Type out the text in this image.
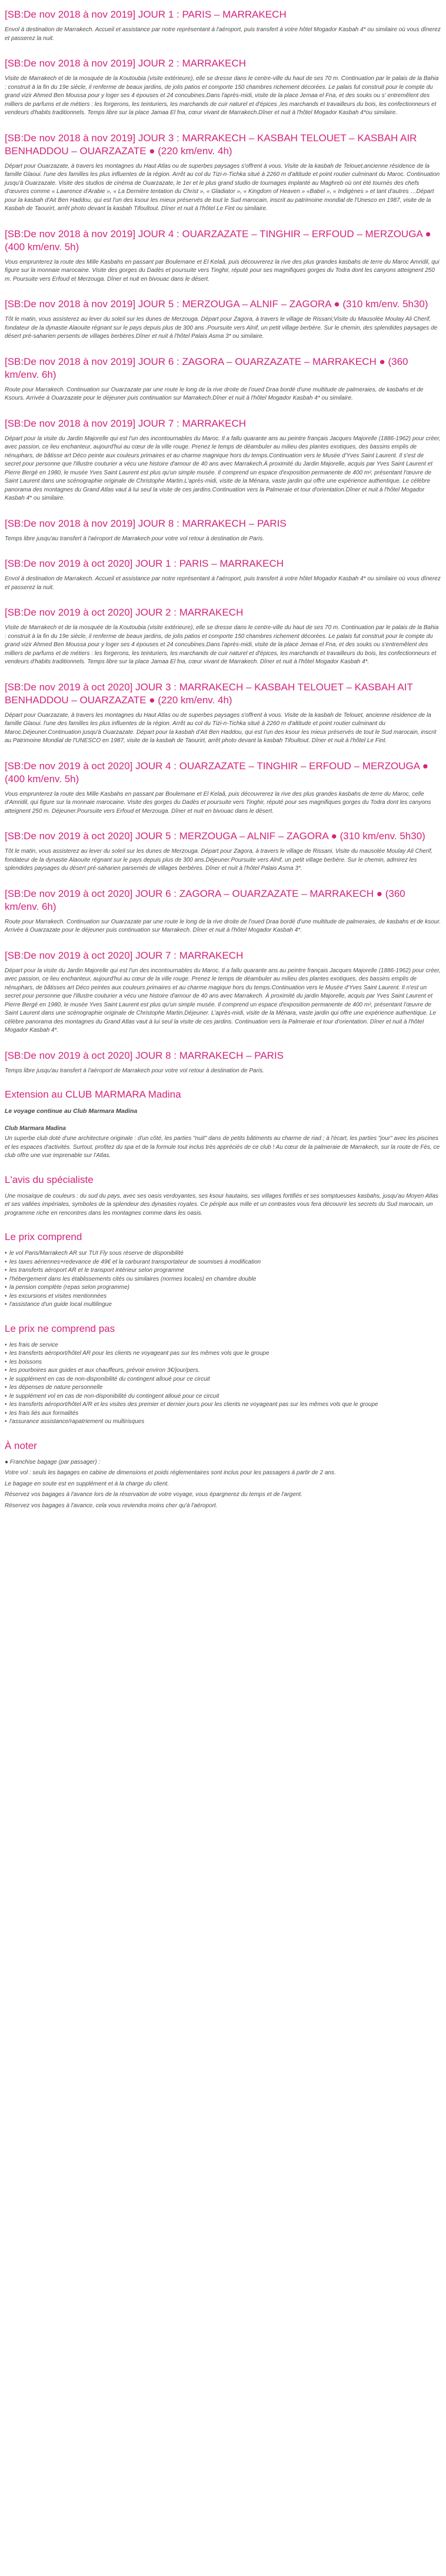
[SB:De nov 2018 à nov 2019] JOUR 1 : PARIS – MARRAKECH

Envol à destination de Marrakech. Accueil et assistance par notre représentant à l'aéroport, puis transfert à votre hôtel Mogador Kasbah 4* ou similaire où vous dînerez et passerez la nuit.

[SB:De nov 2018 à nov 2019] JOUR 2 : MARRAKECH

Visite de Marrakech et de la mosquée de la Koutoubia (visite extérieure), elle se dresse dans le centre-ville du haut de ses 70 m. Continuation par le palais de la Bahia : construit à la fin du 19e siècle, il renferme de beaux jardins, de jolis patios et comporte 150 chambres richement décorées. Le palais fut construit pour le compte du grand vizir Ahmed Ben Moussa pour y loger ses 4 épouses et 24 concubines.Dans l'après-midi, visite de la place Jemaa el Fna, et des souks ou s' entremêlent des milliers de parfums et de métiers : les forgerons, les teinturiers, les marchands de cuir naturel et d'épices ,les marchands et travailleurs du bois, les confectionneurs et vendeurs d'habits traditionnels. Temps libre sur la place Jamaa El fna, cœur vivant de Marrakech.Dîner et nuit à l'hôtel Mogador Kasbah 4*ou similaire.

[SB:De nov 2018 à nov 2019] JOUR 3 : MARRAKECH – KASBAH TELOUET – KASBAH AIR BENHADDOU – OUARZAZATE ● (220 km/env. 4h)

Départ pour Ouarzazate, à travers les montagnes du Haut Atlas ou de superbes paysages s'offrent à vous. Visite de la kasbah de Telouet,ancienne résidence de la famille Glaoui. l'une des familles les plus influentes de la région. Arrêt au col du Tizi-n-Tichka situé à 2260 m d'altitude et point routier culminant du Maroc. Continuation jusqu'à Ouarzazate. Visite des studios de cinéma de Ouarzazate, le 1er et le plus grand studio de tournages implanté au Maghreb où ont été tournés des chefs d'œuvres comme « Lawrence d'Arabie », « La Dernière tentation du Christ », « Gladiator », « Kingdom of Heaven » «Babel », « Indigènes » et tant d'autres …Départ pour la kasbah d'Ait Ben Haddou, qui est l'un des ksour les mieux préservés de tout le Sud marocain, inscrit au patrimoine mondial de l'Unesco en 1987, visite de la Kasbah de Taourirt, arrêt photo devant la kasbah Tifoultout. Dîner et nuit à l'hôtel Le Fint ou similaire.

[SB:De nov 2018 à nov 2019] JOUR 4 : OUARZAZATE – TINGHIR – ERFOUD – MERZOUGA ● (400 km/env. 5h)

Vous emprunterez la route des Mille Kasbahs en passant par Boulemane et El Kelaâ, puis découvrerez la rive des plus grandes kasbahs de terre du Maroc Amridil, qui figure sur la monnaie marocaine. Visite des gorges du Dadès et poursuite vers Tinghir, réputé pour ses magnifiques gorges du Todra dont les canyons atteignent 250 m. Poursuite vers Erfoud et Merzouga. Dîner et nuit en bivouac dans le désert.

[SB:De nov 2018 à nov 2019] JOUR 5 : MERZOUGA – ALNIF – ZAGORA ● (310 km/env. 5h30)

Tôt le matin, vous assisterez au lever du soleil sur les dunes de Merzouga. Départ pour Zagora, à travers le village de Rissani;Visite du Mausolée Moulay Ali Cherif, fondateur de la dynastie Alaouite régnant sur le pays depuis plus de 300 ans .Poursuite vers Alnif, un petit village berbère. Sur le chemin, des splendides paysages de désert pré-saharien persents de villages berbères.Dîner et nuit à l'hôtel Palais Asma 3* ou similaire.

[SB:De nov 2018 à nov 2019] JOUR 6 : ZAGORA – OUARZAZATE – MARRAKECH ● (360 km/env. 6h)

Route pour Marrakech. Continuation sur Ouarzazate par une route le long de la rive droite de l'oued Draa bordé d'une multitude de palmeraies, de kasbahs et de Ksours. Arrivée à Ouarzazate pour le déjeuner puis continuation sur Marrakech.Dîner et nuit à l'hôtel Mogador Kasbah 4* ou similaire.

[SB:De nov 2018 à nov 2019] JOUR 7 : MARRAKECH

Départ pour la visite du Jardin Majorelle qui est l'un des incontournables du Maroc. Il a fallu quarante ans au peintre français Jacques Majorelle (1886-1962) pour créer, avec passion, ce lieu enchanteur, aujourd'hui au cœur de la ville rouge. Prenez le temps de déambuler au milieu des plantes exotiques, des bassins emplis de nénuphars, de bâtisse art Déco peinte aux couleurs primaires et au charme magnique hors du temps.Continuation vers le Musée d'Yves Saint Laurent. Il s'est de secret pour personne que l'illustre couturier a vécu une histoire d'amour de 40 ans avec Marrakech.À proximité du Jardin Majorelle, acquis par Yves Saint Laurent et Pierre Bergé en 1980, le musée Yves Saint Laurent est plus qu'un simple musée. Il comprend un espace d'exposition permanente de 400 m², présentant l'œuvre de Saint Laurent dans une scénographie originale de Christophe Martin.L'après-midi, visite de la Ménara, vaste jardin qui offre une expérience authentique. Le célèbre panorama des montagnes du Grand Atlas vaut à lui seul la visite de ces jardins.Continuation vers la Palmeraie et tour d'orientation.Dîner et nuit à l'hôtel Mogador Kasbah 4* ou similaire.

[SB:De nov 2018 à nov 2019] JOUR 8 : MARRAKECH – PARIS

Temps libre jusqu'au transfert à l'aéroport de Marrakech pour votre vol retour à destination de Paris.

[SB:De nov 2019 à oct 2020] JOUR 1 : PARIS – MARRAKECH

Envol à destination de Marrakech. Accueil et assistance par notre représentant à l'aéroport, puis transfert à votre hôtel Mogador Kasbah 4* ou similaire où vous dînerez et passerez la nuit.

[SB:De nov 2019 à oct 2020] JOUR 2 : MARRAKECH

Visite de Marrakech et de la mosquée de la Koutoubia (visite extérieure), elle se dresse dans le centre-ville du haut de ses 70 m. Continuation par le palais de la Bahia : construit à la fin du 19e siècle, il renferme de beaux jardins, de jolis patios et comporte 150 chambres richement décorées. Le palais fut construit pour le compte du grand vizir Ahmed Ben Moussa pour y loger ses 4 épouses et 24 concubines.Dans l'après-midi, visite de la place Jemaa el Fna, et des souks ou s'entremêlent des milliers de parfums et de métiers : les forgerons, les teinturiers, les marchands de cuir naturel et d'épices, les marchands et travailleurs du bois, les confectionneurs et vendeurs d'habits traditionnels. Temps libre sur la place Jamaa El fna, cœur vivant de Marrakech. Dîner et nuit à l'hôtel Mogador Kasbah 4*.

[SB:De nov 2019 à oct 2020] JOUR 3 : MARRAKECH – KASBAH TELOUET – KASBAH AIT BENHADDOU – OUARZAZATE ● (220 km/env. 4h)

Départ pour Ouarzazate, à travers les montagnes du Haut Atlas ou de superbes paysages s'offrent à vous. Visite de la kasbah de Telouet, ancienne résidence de la famille Glaoui. l'une des familles les plus influentes de la région. Arrêt au col du Tizi-n-Tichka situé à 2260 m d'altitude et point routier culminant du Maroc.Déjeuner.Continuation jusqu'à Ouarzazate. Départ pour la kasbah d'Ait Ben Haddou, qui est l'un des ksour les mieux préservés de tout le Sud marocain, inscrit au Patrimoine Mondial de l'UNESCO en 1987, visite de la kasbah de Taourirt, arrêt photo devant la kasbah Tifoultout. Dîner et nuit à l'hôtel Le Fint.

[SB:De nov 2019 à oct 2020] JOUR 4 : OUARZAZATE – TINGHIR – ERFOUD – MERZOUGA ● (400 km/env. 5h)

Vous emprunterez la route des Mille Kasbahs en passant par Boulemane et El Kelaâ, puis découvrerez la rive des plus grandes kasbahs de terre du Maroc, celle d'Amridil, qui figure sur la monnaie marocaine. Visite des gorges du Dadès et poursuite vers Tinghir, réputé pour ses magnifiques gorges du Todra dont les canyons atteignent 250 m. Déjeuner.Poursuite vers Erfoud et Merzouga. Dîner et nuit en bivouac dans le désert.

[SB:De nov 2019 à oct 2020] JOUR 5 : MERZOUGA – ALNIF – ZAGORA ● (310 km/env. 5h30)

Tôt le matin, vous assisterez au lever du soleil sur les dunes de Merzouga. Départ pour Zagora, à travers le village de Rissani. Visite du mausolée Moulay Ali Cherif, fondateur de la dynastie Alaouite régnant sur le pays depuis plus de 300 ans.Déjeuner.Poursuite vers Alnif, un petit village berbère. Sur le chemin, admirez les splendides paysages du désert pré-saharien parsemés de villages berbères. Dîner et nuit à l'hôtel Palais Asma 3*.

[SB:De nov 2019 à oct 2020] JOUR 6 : ZAGORA – OUARZAZATE – MARRAKECH ● (360 km/env. 6h)

Route pour Marrakech. Continuation sur Ouarzazate par une route le long de la rive droite de l'oued Draa bordé d'une multitude de palmeraies, de kasbahs et de ksour. Arrivée à Ouarzazate pour le déjeuner puis continuation sur Marrakech. Dîner et nuit à l'hôtel Mogador Kasbah 4*.

[SB:De nov 2019 à oct 2020] JOUR 7 : MARRAKECH

Départ pour la visite du Jardin Majorelle qui est l'un des incontournables du Maroc. Il a fallu quarante ans au peintre français Jacques Majorelle (1886-1962) pour créer, avec passion, ce lieu enchanteur, aujourd'hui au cœur de la ville rouge. Prenez le temps de déambuler au milieu des plantes exotiques, des bassins emplis de nénuphars, de bâtisses art Déco peintes aux couleurs primaires et au charme magique hors du temps.Continuation vers le Musée d'Yves Saint Laurent. Il n'est un secret pour personne que l'illustre couturier a vécu une histoire d'amour de 40 ans avec Marrakech. À proximité du jardin Majorelle, acquis par Yves Saint Laurent et Pierre Bergé en 1980, le musée Yves Saint Laurent est plus qu'un simple musée. Il comprend un espace d'exposition permanente de 400 m², présentant l'œuvre de Saint Laurent dans une scénographie originale de Christophe Martin.Déjeuner. L'après-midi, visite de la Ménara, vaste jardin qui offre une expérience authentique. Le célèbre panorama des montagnes du Grand Atlas vaut à lui seul la visite de ces jardins. Continuation vers la Palmeraie et tour d'orientation. Dîner et nuit à l'hôtel Mogador Kasbah 4*.

[SB:De nov 2019 à oct 2020] JOUR 8 : MARRAKECH – PARIS

Temps libre jusqu'au transfert à l'aéroport de Marrakech pour votre vol retour à destination de Paris.

Extension au CLUB MARMARA Madina

Le voyage continue au Club Marmara Madina

Club Marmara Madina

Un superbe club doté d'une architecture originale : d'un côté, les parties "nuit" dans de petits bâtiments au charme de riad ; à l'écart, les parties "jour" avec les piscines et les espaces d'activités. Surtout, profitez du spa et de la formule tout inclus très appréciés de ce club ! Au cœur de la palmeraie de Marrakech, sur la route de Fès, ce club offre une vue imprenable sur l'Atlas.

L'avis du spécialiste

Une mosaïque de couleurs : du sud du pays, avec ses oasis verdoyantes, ses ksour hautains, ses villages fortifiés et ses somptueuses kasbahs, jusqu'au Moyen Atlas et ses vallées impériales, symboles de la splendeur des dynasties royales. Ce périple aux mille et un contrastes vous fera découvrir les secrets du Sud marocain, un programme riche en rencontres dans les montagnes comme dans les oasis.

Le prix comprend
• le vol Paris/Marrakech AR sur TUI Fly sous réserve de disponibilité
• les taxes aériennes+redevance de 49€ et la carburant transportateur de soumises à modification
• les transferts aéroport AR et le transport intérieur selon programme
• l'hébergement dans les établissements cités ou similaires (normes locales) en chambre double
• la pension complète (repas selon programme)
• les excursions et visites mentionnées
• l'assistance d'un guide local multilingue
Le prix ne comprend pas
• les frais de service
• les transferts aéroport/hôtel AR pour les clients ne voyageant pas sur les mêmes vols que le groupe
• les boissons
• les pourboires aux guides et aux chauffeurs, prévoir environ 3€/jour/pers.
• le supplément en cas de non-disponibilité du contingent alloué pour ce circuit
• les dépenses de nature personnelle
• le supplément vol en cas de non-disponibilité du contingent alloué pour ce circuit
• les transferts aéroport/hôtel A/R et les visites des premier et dernier jours pour les clients ne voyageant pas sur les mêmes vols que le groupe
• les frais liés aux formalités
• l'assurance assistance/rapatriement ou multirisques
À noter

● Franchise bagage (par passager) :

Votre vol : seuls les bagages en cabine de dimensions et poids réglementaires sont inclus pour les passagers à partir de 2 ans.

Le bagage en soute est en supplément et à la charge du client.

Réservez vos bagages à l'avance lors de la réservation de votre voyage, vous épargnerez du temps et de l'argent.

Réservez vos bagages à l'avance, cela vous reviendra moins cher qu'à l'aéroport.
